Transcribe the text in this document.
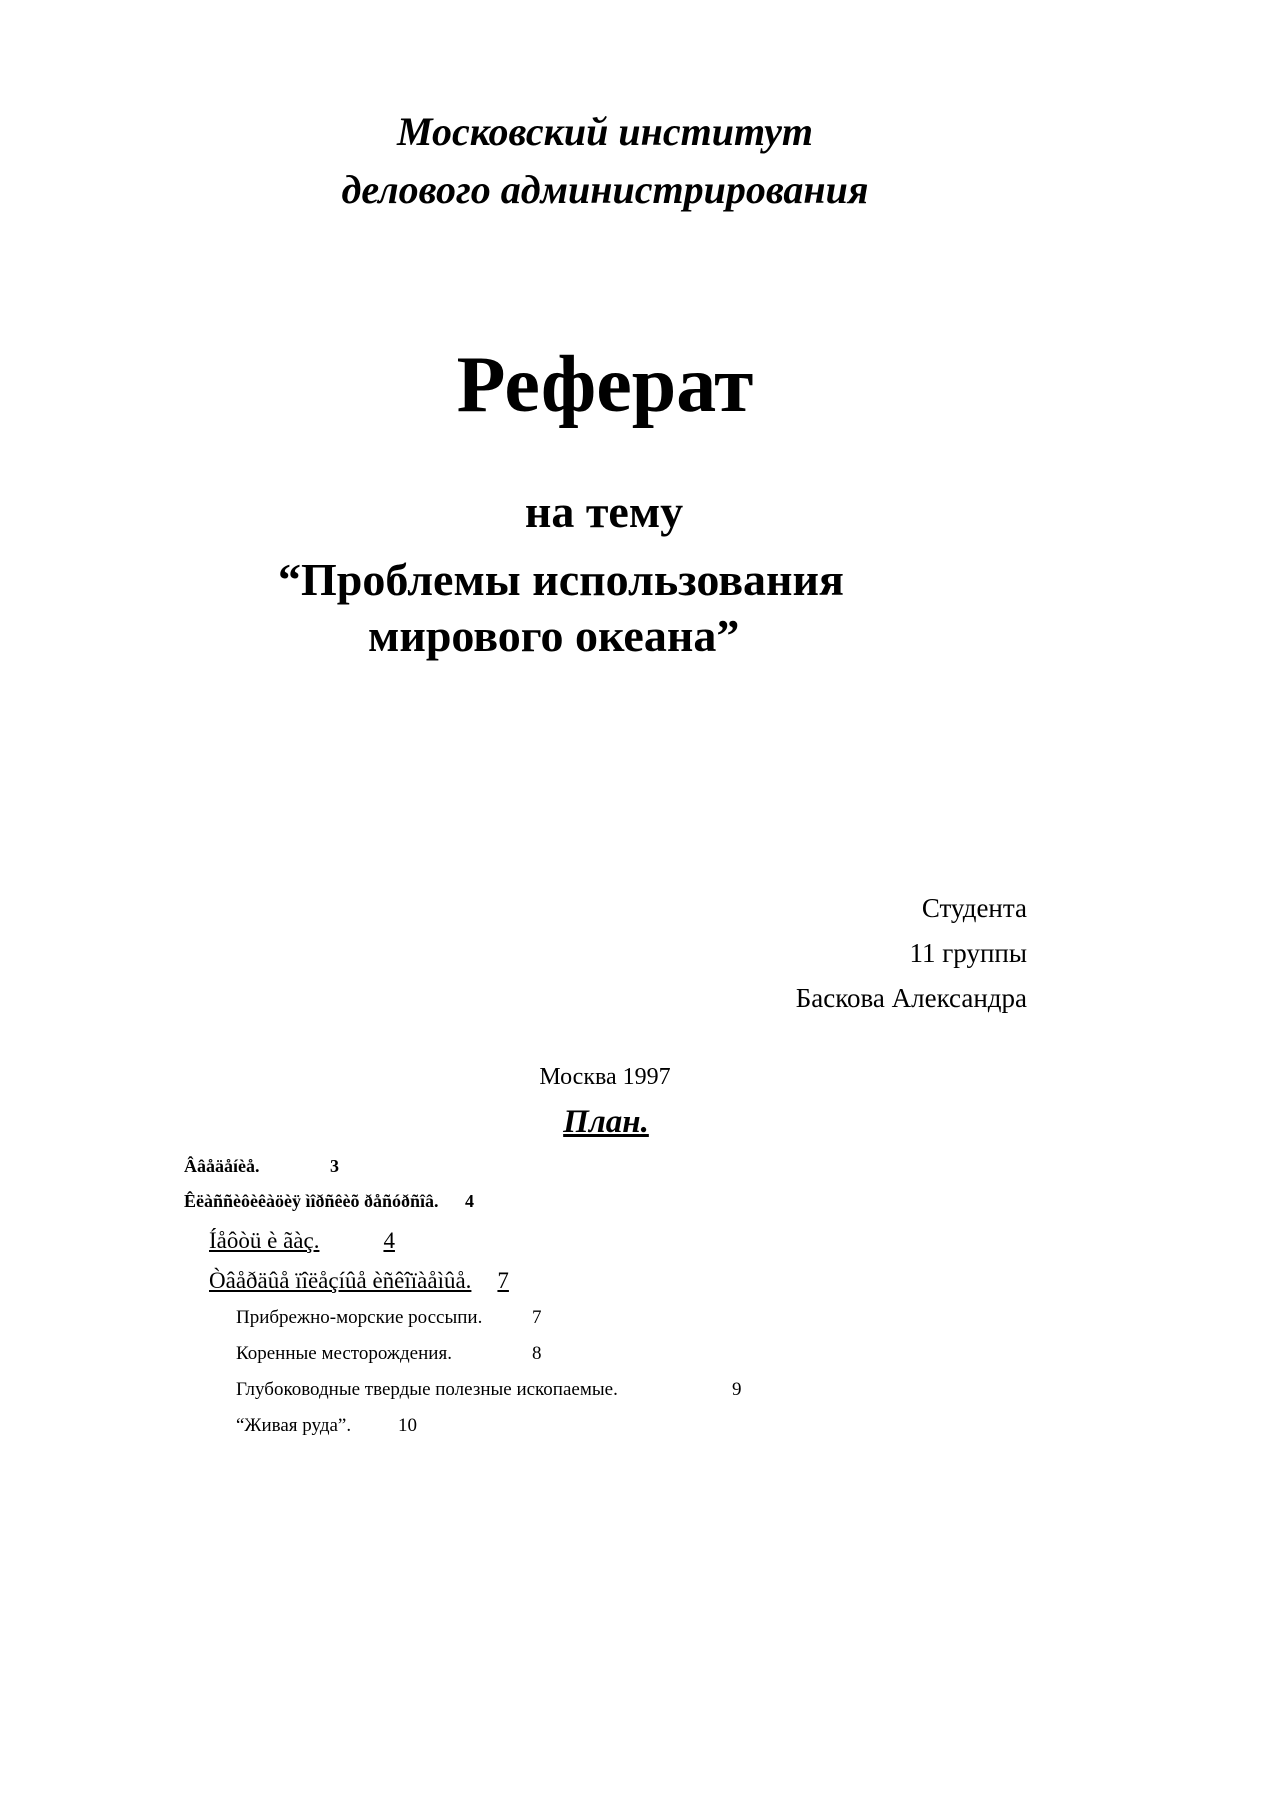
Московский институт
делового администрирования
Реферат
на тему
“Проблемы использования
мирового океана”
Студента
11 группы
Баскова Александра
Москва 1997
План.
Ââåäåíèå.	3
Êëàññèôèêàöèÿ ìîðñêèõ ðåñóðñîâ. 4
Íåôòü è ãàç.	4
Òâåðäûå ïîëåçíûå èñêîïàåìûå. 7
Прибрежно-морские россыпи.	7
Коренные месторождения.	8
Глубоководные твердые полезные ископаемые.	9
“Живая руда”. 10
